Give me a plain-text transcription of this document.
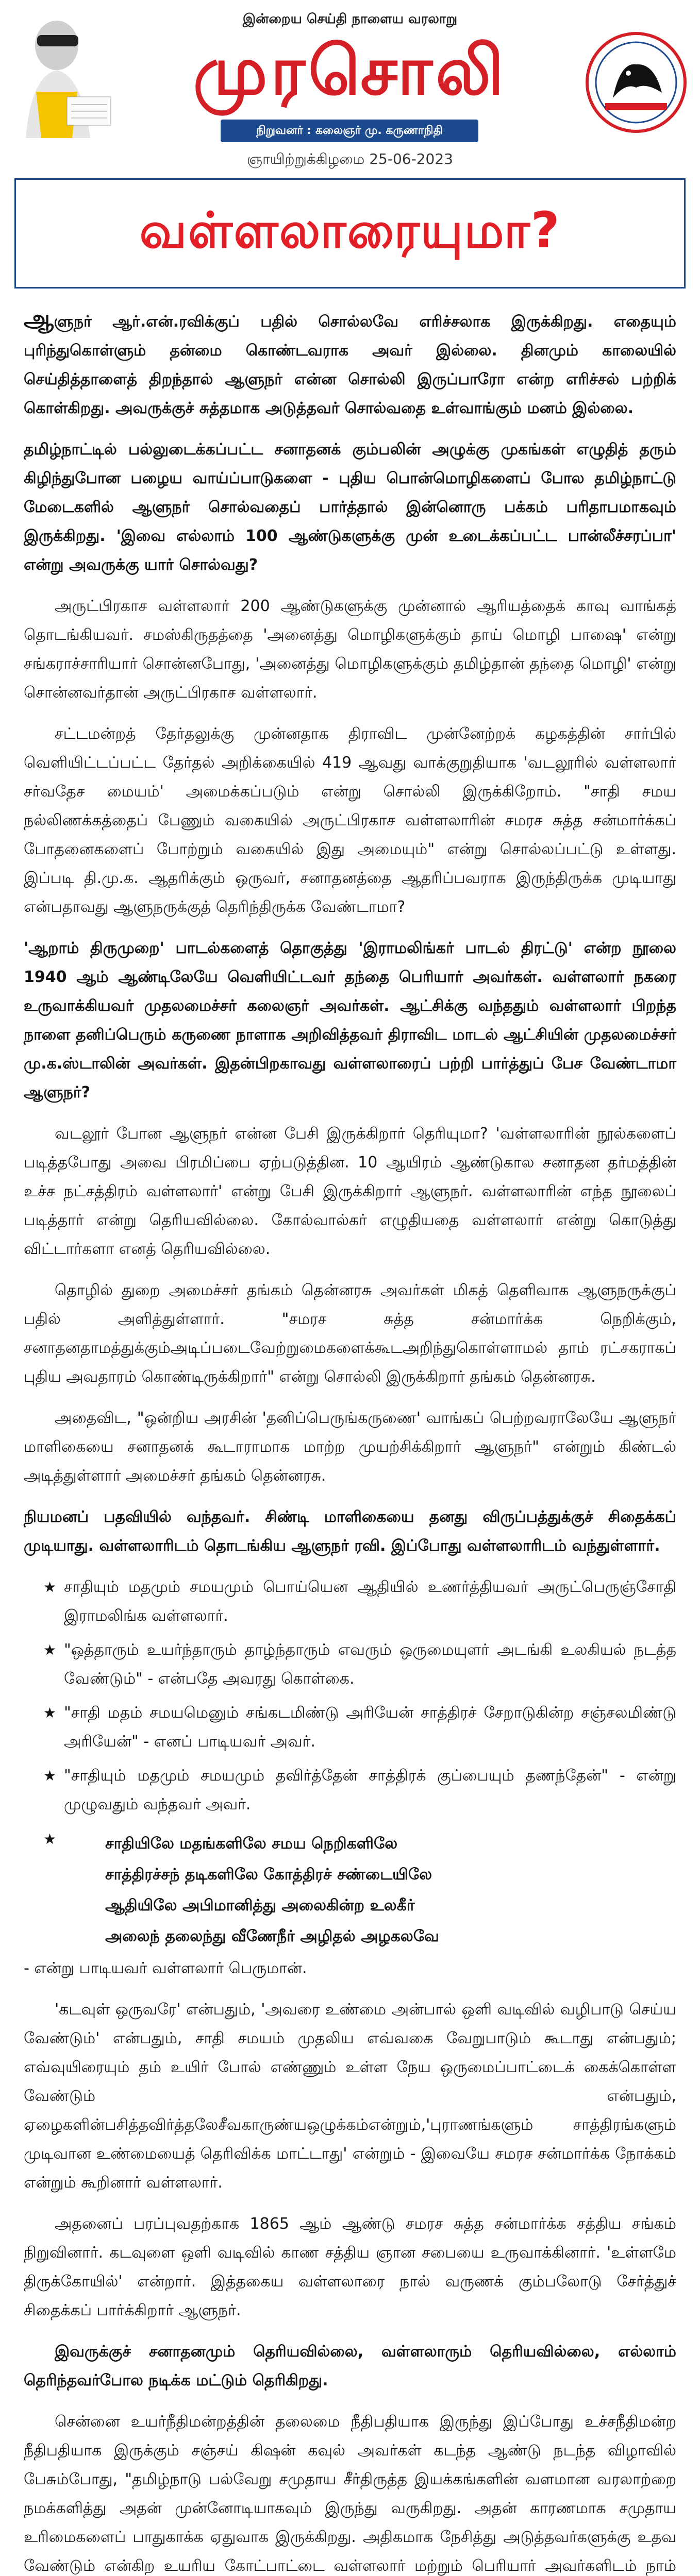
இன்றைய செய்தி நாளைய வரலாறு
முரசொலி
நிறுவனர் : கலைஞர் மு. கருணாநிதி
ஞாயிற்றுக்கிழமை 25-06-2023
வள்ளலாரையுமா?

ஆளுநர் ஆர்.என்.ரவிக்குப் பதில் சொல்லவே எரிச்சலாக இருக்கிறது. எதையும் புரிந்துகொள்ளும் தன்மை கொண்டவராக அவர் இல்லை. தினமும் காலையில் செய்தித்தாளைத் திறந்தால் ஆளுநர் என்ன சொல்லி இருப்பாரோ என்ற எரிச்சல் பற்றிக் கொள்கிறது. அவருக்குச் சுத்தமாக அடுத்தவர் சொல்வதை உள்வாங்கும் மனம் இல்லை.

தமிழ்நாட்டில் பல்லுடைக்கப்பட்ட சனாதனக் கும்பலின் அழுக்கு முகங்கள் எழுதித் தரும் கிழிந்துபோன பழைய வாய்ப்பாடுகளை - புதிய பொன்மொழிகளைப் போல தமிழ்நாட்டு மேடைகளில் ஆளுநர் சொல்வதைப் பார்த்தால் இன்னொரு பக்கம் பரிதாபமாகவும் இருக்கிறது. 'இவை எல்லாம் 100 ஆண்டுகளுக்கு முன் உடைக்கப்பட்ட பான்லீச்சரப்பா' என்று அவருக்கு யார் சொல்வது?

அருட்பிரகாச வள்ளலார் 200 ஆண்டுகளுக்கு முன்னால் ஆரியத்தைக் காவு வாங்கத் தொடங்கியவர். சமஸ்கிருதத்தை 'அனைத்து மொழிகளுக்கும் தாய் மொழி பாஷை' என்று சங்கராச்சாரியார் சொன்னபோது, 'அனைத்து மொழிகளுக்கும் தமிழ்தான் தந்தை மொழி' என்று சொன்னவர்தான் அருட்பிரகாச வள்ளலார்.

சட்டமன்றத் தேர்தலுக்கு முன்னதாக திராவிட முன்னேற்றக் கழகத்தின் சார்பில் வெளியிட்டப்பட்ட தேர்தல் அறிக்கையில் 419 ஆவது வாக்குறுதியாக 'வடலூரில் வள்ளலார் சர்வதேச மையம்' அமைக்கப்படும் என்று சொல்லி இருக்கிறோம். "சாதி சமய நல்லிணக்கத்தைப் பேணும் வகையில் அருட்பிரகாச வள்ளலாரின் சமரச சுத்த சன்மார்க்கப் போதனைகளைப் போற்றும் வகையில் இது அமையும்" என்று சொல்லப்பட்டு உள்ளது. இப்படி தி.மு.க. ஆதரிக்கும் ஒருவர், சனாதனத்தை ஆதரிப்பவராக இருந்திருக்க முடியாது என்பதாவது ஆளுநருக்குத் தெரிந்திருக்க வேண்டாமா?

'ஆறாம் திருமுறை' பாடல்களைத் தொகுத்து 'இராமலிங்கர் பாடல் திரட்டு' என்ற நூலை 1940 ஆம் ஆண்டிலேயே வெளியிட்டவர் தந்தை பெரியார் அவர்கள். வள்ளலார் நகரை உருவாக்கியவர் முதலமைச்சர் கலைஞர் அவர்கள். ஆட்சிக்கு வந்ததும் வள்ளலார் பிறந்த நாளை தனிப்பெரும் கருணை நாளாக அறிவித்தவர் திராவிட மாடல் ஆட்சியின் முதலமைச்சர் மு.க.ஸ்டாலின் அவர்கள். இதன்பிறகாவது வள்ளலாரைப் பற்றி பார்த்துப் பேச வேண்டாமா ஆளுநர்?

வடலூர் போன ஆளுநர் என்ன பேசி இருக்கிறார் தெரியுமா? 'வள்ளலாரின் நூல்களைப் படித்தபோது அவை பிரமிப்பை ஏற்படுத்தின. 10 ஆயிரம் ஆண்டுகால சனாதன தர்மத்தின் உச்ச நட்சத்திரம் வள்ளலார்' என்று பேசி இருக்கிறார் ஆளுநர். வள்ளலாரின் எந்த நூலைப் படித்தார் என்று தெரியவில்லை. கோல்வால்கர் எழுதியதை வள்ளலார் என்று கொடுத்து விட்டார்களா எனத் தெரியவில்லை.

தொழில் துறை அமைச்சர் தங்கம் தென்னரசு அவர்கள் மிகத் தெளிவாக ஆளுநருக்குப் பதில் அளித்துள்ளார். "சமரச சுத்த சன்மார்க்க நெறிக்கும், சனாதனதாமத்துக்கும்அடிப்படைவேற்றுமைகளைக்கூடஅறிந்துகொள்ளாமல் தாம் ரட்சகராகப் புதிய அவதாரம் கொண்டிருக்கிறார்" என்று சொல்லி இருக்கிறார் தங்கம் தென்னரசு.

அதைவிட, "ஒன்றிய அரசின் 'தனிப்பெருங்கருணை' வாங்கப் பெற்றவராலேயே ஆளுநர் மாளிகையை சனாதனக் கூடாராமாக மாற்ற முயற்சிக்கிறார் ஆளுநர்" என்றும் கிண்டல் அடித்துள்ளார் அமைச்சர் தங்கம் தென்னரசு.

நியமனப் பதவியில் வந்தவர். சிண்டி மாளிகையை தனது விருப்பத்துக்குச் சிதைக்கப் முடியாது. வள்ளலாரிடம் தொடங்கிய ஆளுநர் ரவி. இப்போது வள்ளலாரிடம் வந்துள்ளார்.

★ சாதியும் மதமும் சமயமும் பொய்யென ஆதியில் உணர்த்தியவர் அருட்பெருஞ்சோதி இராமலிங்க வள்ளலார்.
★ "ஒத்தாரும் உயர்ந்தாரும் தாழ்ந்தாரும் எவரும் ஒருமையுளர் அடங்கி உலகியல் நடத்த வேண்டும்" - என்பதே அவரது கொள்கை.
★ "சாதி மதம் சமயமெனும் சங்கடமிண்டு அரியேன் சாத்திரச் சேறாடுகின்ற சஞ்சலமிண்டு அரியேன்" - எனப் பாடியவர் அவர்.
★ "சாதியும் மதமும் சமயமும் தவிர்த்தேன் சாத்திரக் குப்பையும் தணந்தேன்" - என்று முழுவதும் வந்தவர் அவர்.
★	சாதியிலே மதங்களிலே சமய நெறிகளிலே
சாத்திரச்சந் தடிகளிலே கோத்திரச் சண்டையிலே
ஆதியிலே அபிமானித்து அலைகின்ற உலகீர்
அலைந் தலைந்து வீணேநீர் அழிதல் அழகலவே

- என்று பாடியவர் வள்ளலார் பெருமான்.

'கடவுள் ஒருவரே' என்பதும், 'அவரை உண்மை அன்பால் ஒளி வடிவில் வழிபாடு செய்ய வேண்டும்' என்பதும், சாதி சமயம் முதலிய எவ்வகை வேறுபாடும் கூடாது என்பதும்; எவ்வுயிரையும் தம் உயிர் போல் எண்ணும் உள்ள நேய ஒருமைப்பாட்டைக் கைக்கொள்ள வேண்டும் என்பதும், ஏழைகளின்பசித்தவிர்த்தலேசீவகாருண்யஒழுக்கம்என்றும்,'புராணங்களும் சாத்திரங்களும் முடிவான உண்மையைத் தெரிவிக்க மாட்டாது' என்றும் - இவையே சமரச சன்மார்க்க நோக்கம் என்றும் கூறினார் வள்ளலார்.

அதனைப் பரப்புவதற்காக 1865 ஆம் ஆண்டு சமரச சுத்த சன்மார்க்க சத்திய சங்கம் நிறுவினார். கடவுளை ஒளி வடிவில் காண சத்திய ஞான சபையை உருவாக்கினார். 'உள்ளமே திருக்கோயில்' என்றார். இத்தகைய வள்ளலாரை நால் வருணக் கும்பலோடு சேர்த்துச் சிதைக்கப் பார்க்கிறார் ஆளுநர்.

இவருக்குச் சனாதனமும் தெரியவில்லை, வள்ளலாரும் தெரியவில்லை, எல்லாம் தெரிந்தவர்போல நடிக்க மட்டும் தெரிகிறது.

சென்னை உயர்நீதிமன்றத்தின் தலைமை நீதிபதியாக இருந்து இப்போது உச்சநீதிமன்ற நீதிபதியாக இருக்கும் சஞ்சய் கிஷன் கவுல் அவர்கள் கடந்த ஆண்டு நடந்த விழாவில் பேசும்போது, "தமிழ்நாடு பல்வேறு சமுதாய சீர்திருத்த இயக்கங்களின் வளமான வரலாற்றை நமக்களித்து அதன் முன்னோடியாகவும் இருந்து வருகிறது. அதன் காரணமாக சமுதாய உரிமைகளைப் பாதுகாக்க ஏதுவாக இருக்கிறது. அதிகமாக நேசித்து அடுத்தவர்களுக்கு உதவ வேண்டும் என்கிற உயரிய கோட்பாட்டை வள்ளலார் மற்றும் பெரியார் அவர்களிடம் நாம்
